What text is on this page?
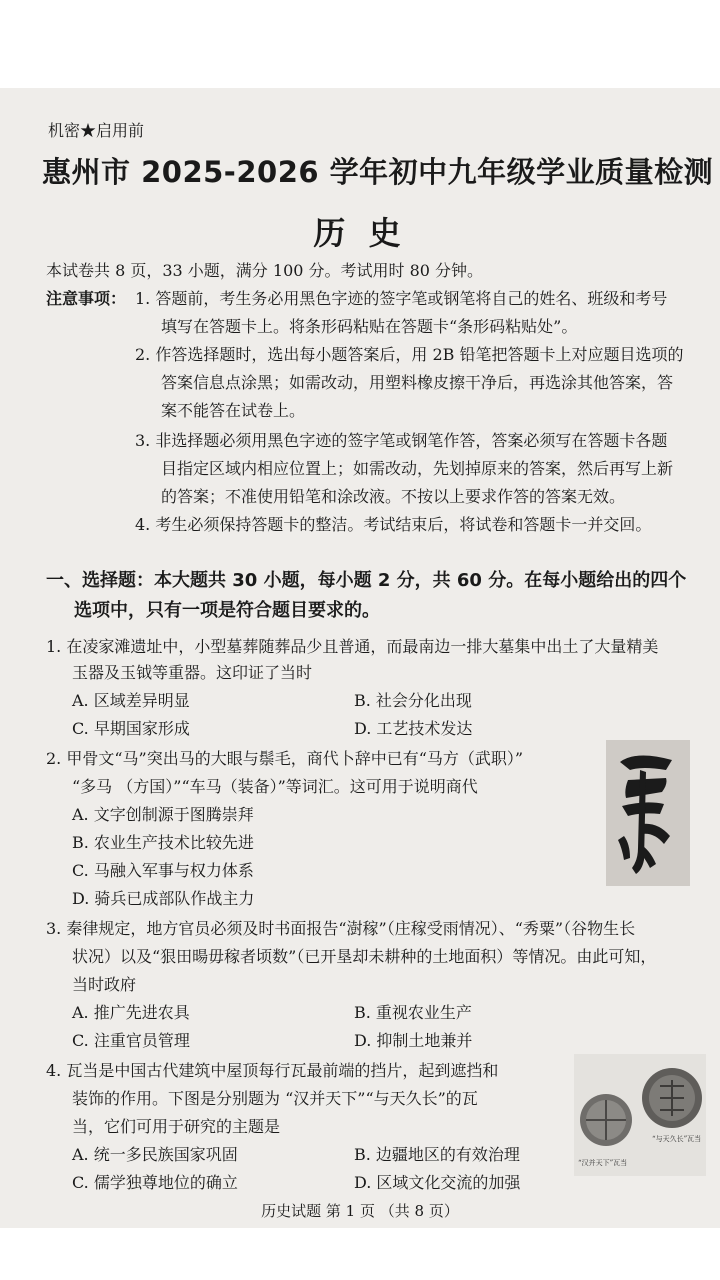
机密★启用前
惠州市 2025-2026 学年初中九年级学业质量检测
历 史
本试卷共 8 页，33 小题，满分 100 分。考试用时 80 分钟。
注意事项： 1. 答题前，考生务必用黑色字迹的签字笔或钢笔将自己的姓名、班级和考号
填写在答题卡上。将条形码粘贴在答题卡“条形码粘贴处”。
2. 作答选择题时，选出每小题答案后，用 2B 铅笔把答题卡上对应题目选项的
答案信息点涂黑；如需改动，用塑料橡皮擦干净后，再选涂其他答案，答
案不能答在试卷上。
3. 非选择题必须用黑色字迹的签字笔或钢笔作答，答案必须写在答题卡各题
目指定区域内相应位置上；如需改动，先划掉原来的答案，然后再写上新
的答案；不准使用铅笔和涂改液。不按以上要求作答的答案无效。
4. 考生必须保持答题卡的整洁。考试结束后，将试卷和答题卡一并交回。
一、选择题：本大题共 30 小题，每小题 2 分，共 60 分。在每小题给出的四个
选项中，只有一项是符合题目要求的。
1. 在凌家滩遗址中，小型墓葬随葬品少且普通，而最南边一排大墓集中出土了大量精美
玉器及玉钺等重器。这印证了当时
A. 区域差异明显	B. 社会分化出现
C. 早期国家形成	D. 工艺技术发达
2. 甲骨文“马”突出马的大眼与鬃毛，商代卜辞中已有“马方（武职）”
“多马 （方国）”“车马（装备）”等词汇。这可用于说明商代
A. 文字创制源于图腾崇拜
B. 农业生产技术比较先进
C. 马融入军事与权力体系
D. 骑兵已成部队作战主力
3. 秦律规定，地方官员必须及时书面报告“澍稼”（庄稼受雨情况）、“秀粟”（谷物生长
状况）以及“狠田暘毋稼者顷数”（已开垦却未耕种的土地面积）等情况。由此可知，
当时政府
A. 推广先进农具	B. 重视农业生产
C. 注重官员管理	D. 抑制土地兼并
4. 瓦当是中国古代建筑中屋顶每行瓦最前端的挡片，起到遮挡和
装饰的作用。下图是分别题为 “汉并天下”“与天久长”的瓦
当，它们可用于研究的主题是
A. 统一多民族国家巩固	B. 边疆地区的有效治理
C. 儒学独尊地位的确立	D. 区域文化交流的加强
“汉并天下”瓦当
“与天久长”瓦当
历史试题 第 1 页 （共 8 页）
